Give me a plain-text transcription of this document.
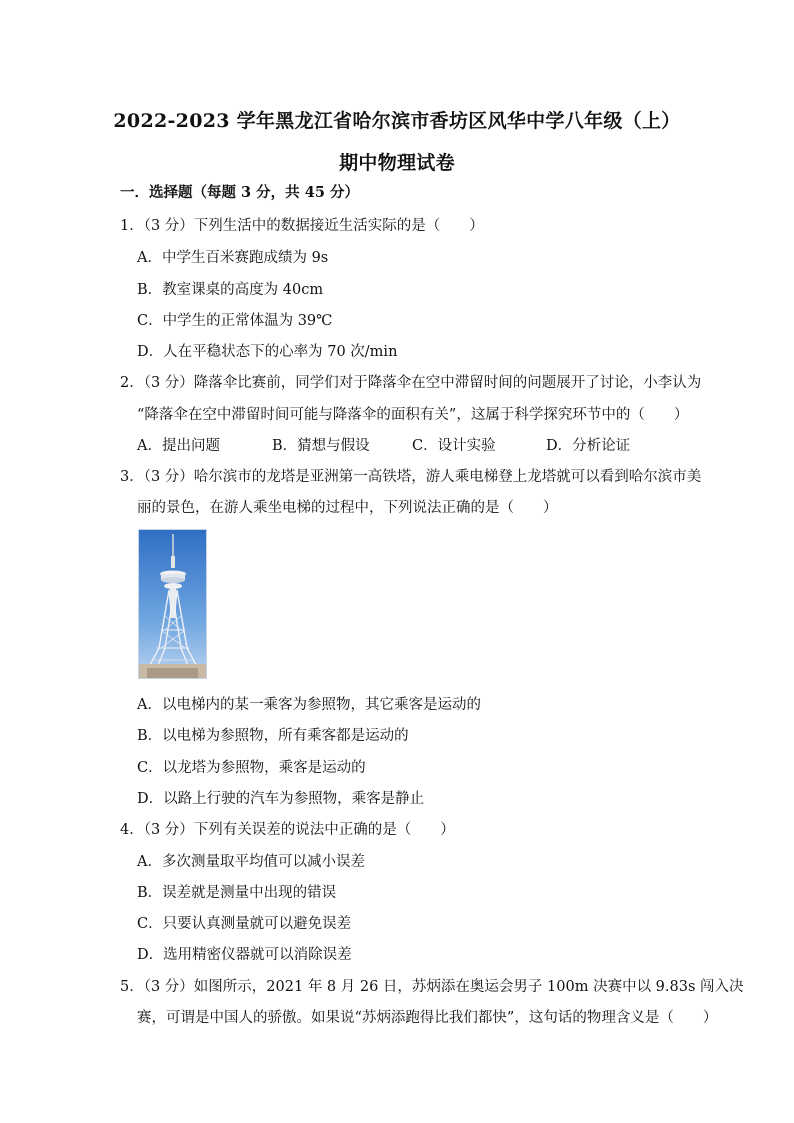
2022-2023 学年黑龙江省哈尔滨市香坊区风华中学八年级（上）
期中物理试卷
一．选择题（每题 3 分，共 45 分）
1．（3 分）下列生活中的数据接近生活实际的是（　　）
A．中学生百米赛跑成绩为 9s
B．教室课桌的高度为 40cm
C．中学生的正常体温为 39℃
D．人在平稳状态下的心率为 70 次/min
2．（3 分）降落伞比赛前，同学们对于降落伞在空中滞留时间的问题展开了讨论，小李认为
“降落伞在空中滞留时间可能与降落伞的面积有关”，这属于科学探究环节中的（　　）
A．提出问题	B．猜想与假设	C．设计实验	D．分析论证
3．（3 分）哈尔滨市的龙塔是亚洲第一高铁塔，游人乘电梯登上龙塔就可以看到哈尔滨市美
丽的景色，在游人乘坐电梯的过程中，下列说法正确的是（　　）
A．以电梯内的某一乘客为参照物，其它乘客是运动的
B．以电梯为参照物，所有乘客都是运动的
C．以龙塔为参照物，乘客是运动的
D．以路上行驶的汽车为参照物，乘客是静止
4．（3 分）下列有关误差的说法中正确的是（　　）
A．多次测量取平均值可以减小误差
B．误差就是测量中出现的错误
C．只要认真测量就可以避免误差
D．选用精密仪器就可以消除误差
5．（3 分）如图所示，2021 年 8 月 26 日，苏炳添在奥运会男子 100m 决赛中以 9.83s 闯入决
赛，可谓是中国人的骄傲。如果说“苏炳添跑得比我们都快”，这句话的物理含义是（　　）
